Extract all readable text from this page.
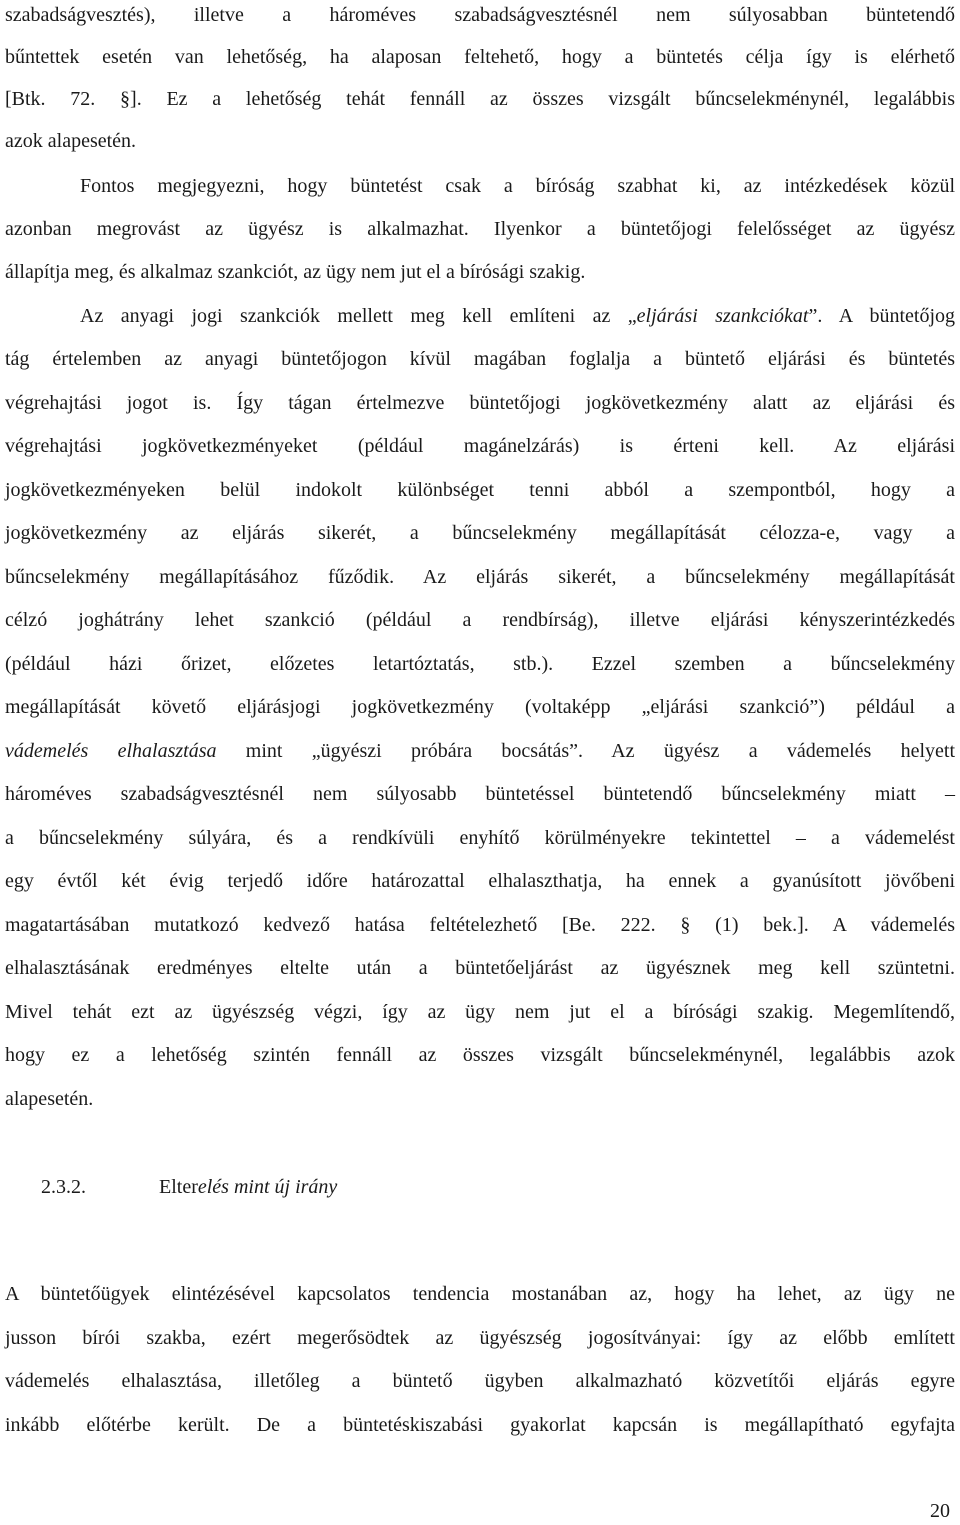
szabadságvesztés), illetve a hároméves szabadságvesztésnél nem súlyosabban büntetendő
bűntettek esetén van lehetőség, ha alaposan feltehető, hogy a büntetés célja így is elérhető
[Btk. 72. §]. Ez a lehetőség tehát fennáll az összes vizsgált bűncselekménynél, legalábbis
azok alapesetén.
Fontos megjegyezni, hogy büntetést csak a bíróság szabhat ki, az intézkedések közül
azonban megrovást az ügyész is alkalmazhat. Ilyenkor a büntetőjogi felelősséget az ügyész
állapítja meg, és alkalmaz szankciót, az ügy nem jut el a bírósági szakig.
Az anyagi jogi szankciók mellett meg kell említeni az „eljárási szankciókat”. A büntetőjog
tág értelemben az anyagi büntetőjogon kívül magában foglalja a büntető eljárási és büntetés
végrehajtási jogot is. Így tágan értelmezve büntetőjogi jogkövetkezmény alatt az eljárási és
végrehajtási jogkövetkezményeket (például magánelzárás) is érteni kell. Az eljárási
jogkövetkezményeken belül indokolt különbséget tenni abból a szempontból, hogy a
jogkövetkezmény az eljárás sikerét, a bűncselekmény megállapítását célozza-e, vagy a
bűncselekmény megállapításához fűződik. Az eljárás sikerét, a bűncselekmény megállapítását
célzó joghátrány lehet szankció (például a rendbírság), illetve eljárási kényszerintézkedés
(például házi őrizet, előzetes letartóztatás, stb.). Ezzel szemben a bűncselekmény
megállapítását követő eljárásjogi jogkövetkezmény (voltaképp „eljárási szankció”) például a
vádemelés elhalasztása mint „ügyészi próbára bocsátás”. Az ügyész a vádemelés helyett
hároméves szabadságvesztésnél nem súlyosabb büntetéssel büntetendő bűncselekmény miatt –
a bűncselekmény súlyára, és a rendkívüli enyhítő körülményekre tekintettel – a vádemelést
egy évtől két évig terjedő időre határozattal elhalaszthatja, ha ennek a gyanúsított jövőbeni
magatartásában mutatkozó kedvező hatása feltételezhető [Be. 222. § (1) bek.]. A vádemelés
elhalasztásának eredményes eltelte után a büntetőeljárást az ügyésznek meg kell szüntetni.
Mivel tehát ezt az ügyészség végzi, így az ügy nem jut el a bírósági szakig. Megemlítendő,
hogy ez a lehetőség szintén fennáll az összes vizsgált bűncselekménynél, legalábbis azok
alapesetén.
2.3.2.	Elterelés mint új irány
A büntetőügyek elintézésével kapcsolatos tendencia mostanában az, hogy ha lehet, az ügy ne
jusson bírói szakba, ezért megerősödtek az ügyészség jogosítványai: így az előbb említett
vádemelés elhalasztása, illetőleg a büntető ügyben alkalmazható közvetítői eljárás egyre
inkább előtérbe került. De a büntetéskiszabási gyakorlat kapcsán is megállapítható egyfajta
20
